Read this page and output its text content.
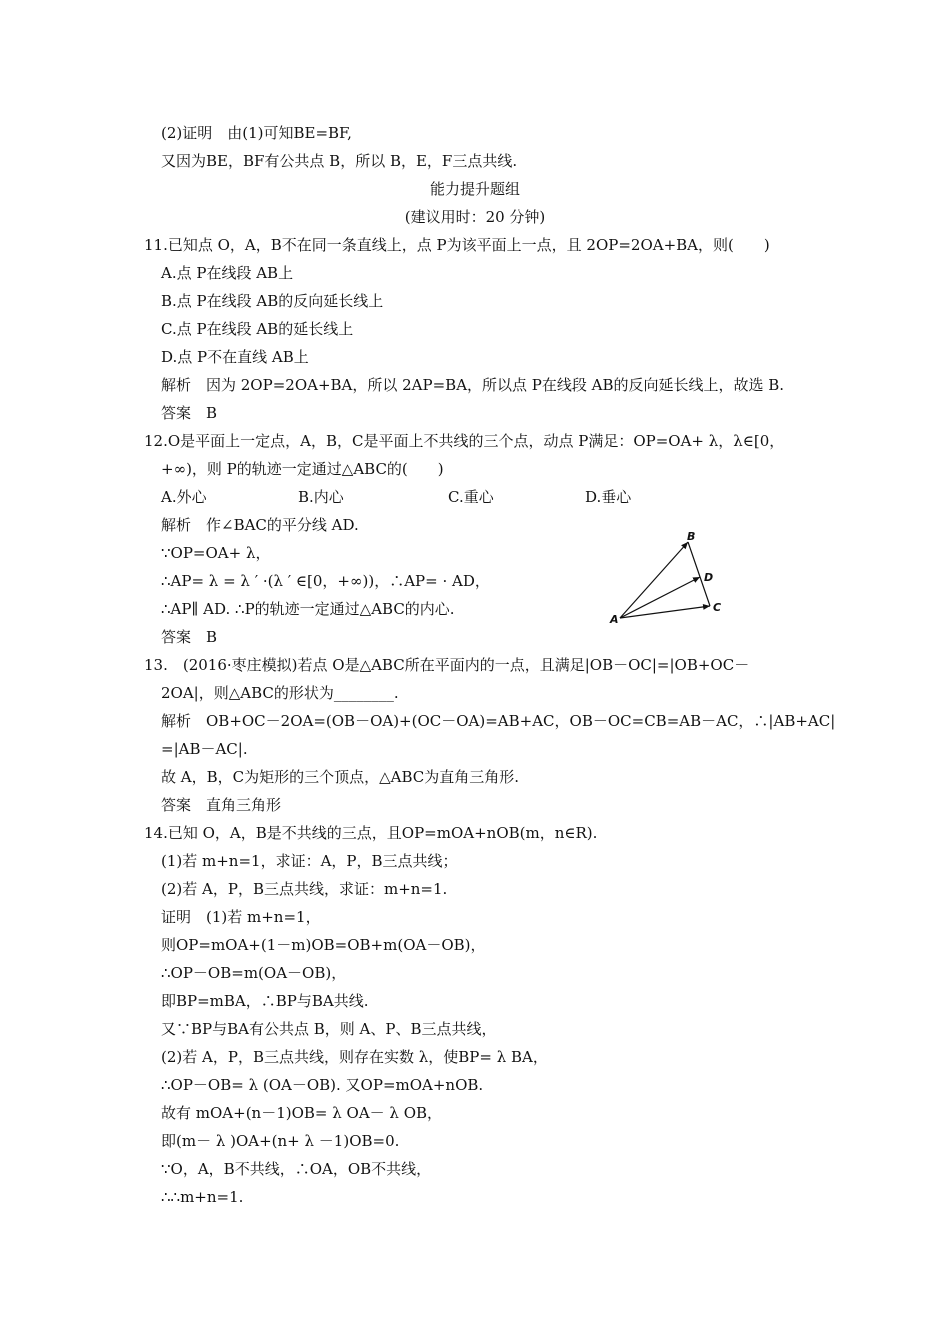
(2)证明　由(1)可知BE=BF,
又因为BE，BF有公共点 B，所以 B，E，F三点共线.
能力提升题组
(建议用时：20 分钟)
11.已知点 O，A，B不在同一条直线上，点 P为该平面上一点，且 2OP=2OA+BA，则(　　)
A.点 P在线段 AB上
B.点 P在线段 AB的反向延长线上
C.点 P在线段 AB的延长线上
D.点 P不在直线 AB上
解析　因为 2OP=2OA+BA，所以 2AP=BA，所以点 P在线段 AB的反向延长线上，故选 B.
答案　B
12.O是平面上一定点，A，B，C是平面上不共线的三个点，动点 P满足：OP=OA+ λ，λ∈[0，
+∞)，则 P的轨迹一定通过△ABC的(　　)
A.外心	B.内心	C.重心	D.垂心
解析　作∠BAC的平分线 AD.
∵OP=OA+ λ，
∴AP= λ = λ ′ ·(λ ′ ∈[0，+∞))，∴AP= · AD，
∴AP∥ AD. ∴P的轨迹一定通过△ABC的内心.
答案　B
A
B
C
D
13.　(2016·枣庄模拟)若点 O是△ABC所在平面内的一点，且满足|OB－OC|=|OB+OC－
2OA|，则△ABC的形状为________.
解析　OB+OC－2OA=(OB－OA)+(OC－OA)=AB+AC，OB－OC=CB=AB－AC，∴|AB+AC|
=|AB－AC|.
故 A，B，C为矩形的三个顶点，△ABC为直角三角形.
答案　直角三角形
14.已知 O，A，B是不共线的三点，且OP=mOA+nOB(m，n∈R).
(1)若 m+n=1，求证：A，P，B三点共线；
(2)若 A，P，B三点共线，求证：m+n=1.
证明　(1)若 m+n=1，
则OP=mOA+(1－m)OB=OB+m(OA－OB)，
∴OP－OB=m(OA－OB)，
即BP=mBA，∴BP与BA共线.
又∵BP与BA有公共点 B，则 A、P、B三点共线，
(2)若 A，P，B三点共线，则存在实数 λ，使BP= λ BA，
∴OP－OB= λ (OA－OB). 又OP=mOA+nOB.
故有 mOA+(n－1)OB= λ OA－ λ OB，
即(m－ λ )OA+(n+ λ －1)OB=0.
∵O，A，B不共线，∴OA，OB不共线，
∴∴m+n=1.
